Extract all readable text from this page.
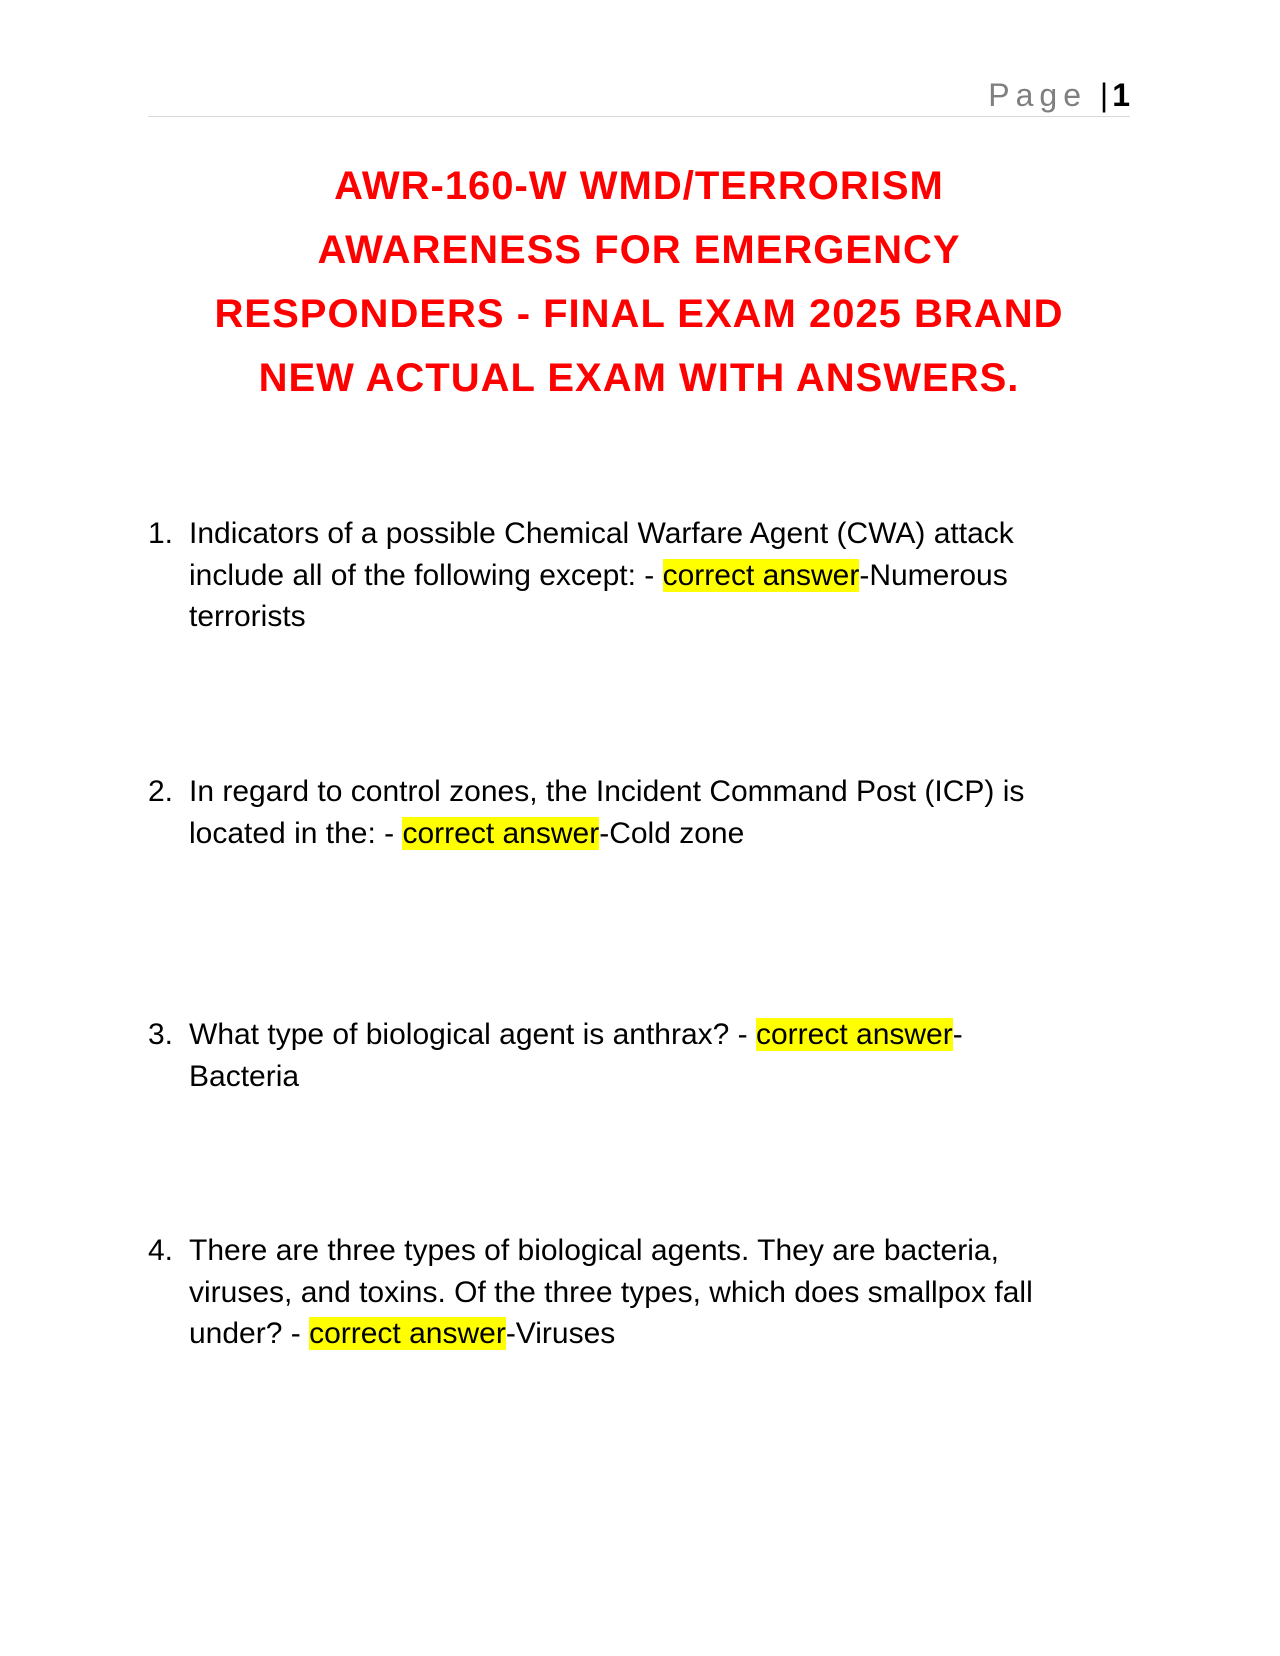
Page | 1
AWR-160-W WMD/TERRORISM
AWARENESS FOR EMERGENCY
RESPONDERS - FINAL EXAM 2025 BRAND
NEW ACTUAL EXAM WITH ANSWERS.
1. Indicators of a possible Chemical Warfare Agent (CWA) attack
include all of the following except: - correct answer-Numerous
terrorists
2. In regard to control zones, the Incident Command Post (ICP) is
located in the: - correct answer-Cold zone
3. What type of biological agent is anthrax? - correct answer-
Bacteria
4. There are three types of biological agents. They are bacteria,
viruses, and toxins. Of the three types, which does smallpox fall
under? - correct answer-Viruses
